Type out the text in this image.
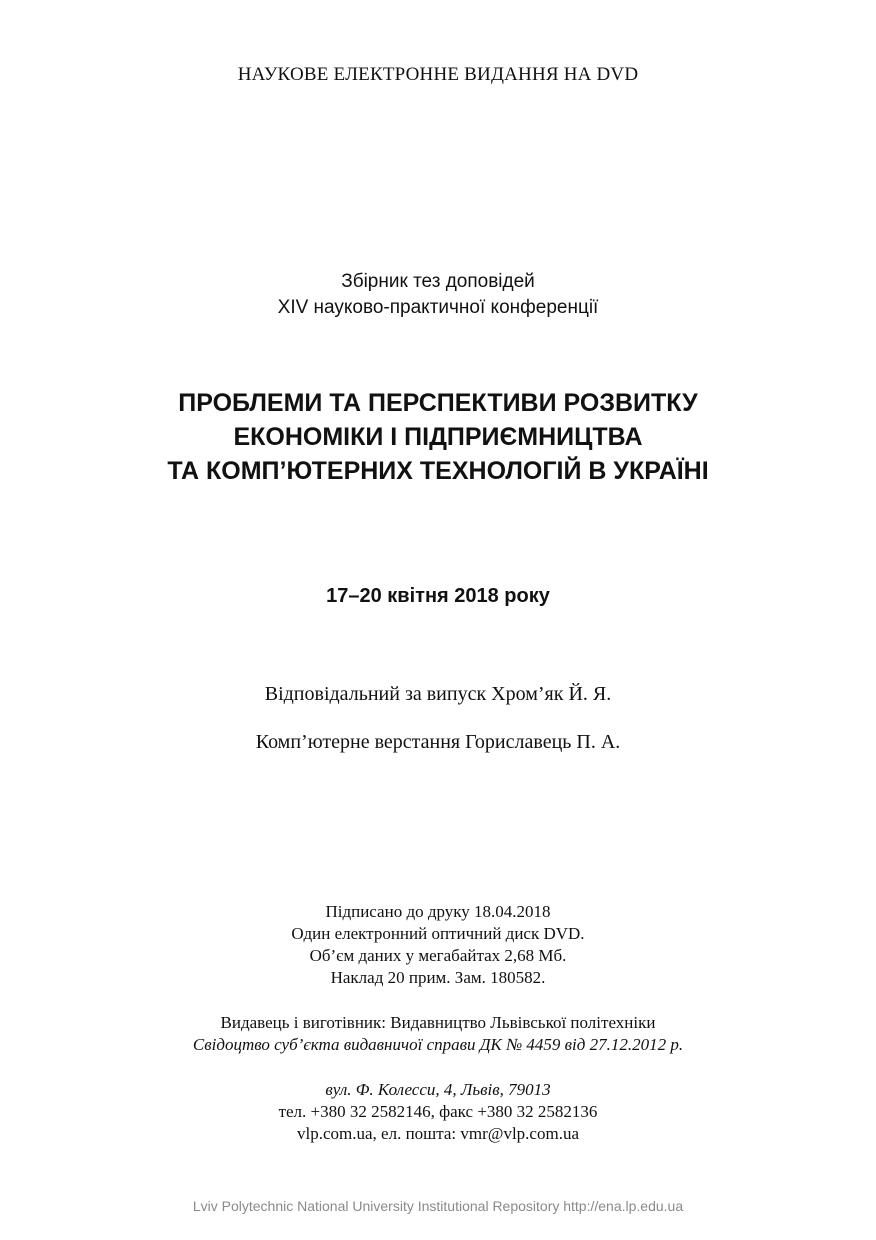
НАУКОВЕ ЕЛЕКТРОННЕ ВИДАННЯ НА DVD
Збірник тез доповідей
XIV науково-практичної конференції
ПРОБЛЕМИ ТА ПЕРСПЕКТИВИ РОЗВИТКУ
ЕКОНОМІКИ І ПІДПРИЄМНИЦТВА
ТА КОМП’ЮТЕРНИХ ТЕХНОЛОГІЙ В УКРАЇНІ
17–20 квітня 2018 року
Відповідальний за випуск Хром’як Й. Я.
Комп’ютерне верстання Гориславець П. А.
Підписано до друку 18.04.2018
Один електронний оптичний диск DVD.
Об’єм даних у мегабайтах 2,68 Мб.
Наклад 20 прим. Зам. 180582.
Видавець і виготівник: Видавництво Львівської політехніки
Свідоцтво суб’єкта видавничої справи ДК № 4459 від 27.12.2012 р.
вул. Ф. Колесси, 4, Львів, 79013
тел. +380 32 2582146, факс +380 32 2582136
vlp.com.ua, ел. пошта: vmr@vlp.com.ua
Lviv Polytechnic National University Institutional Repository http://ena.lp.edu.ua
